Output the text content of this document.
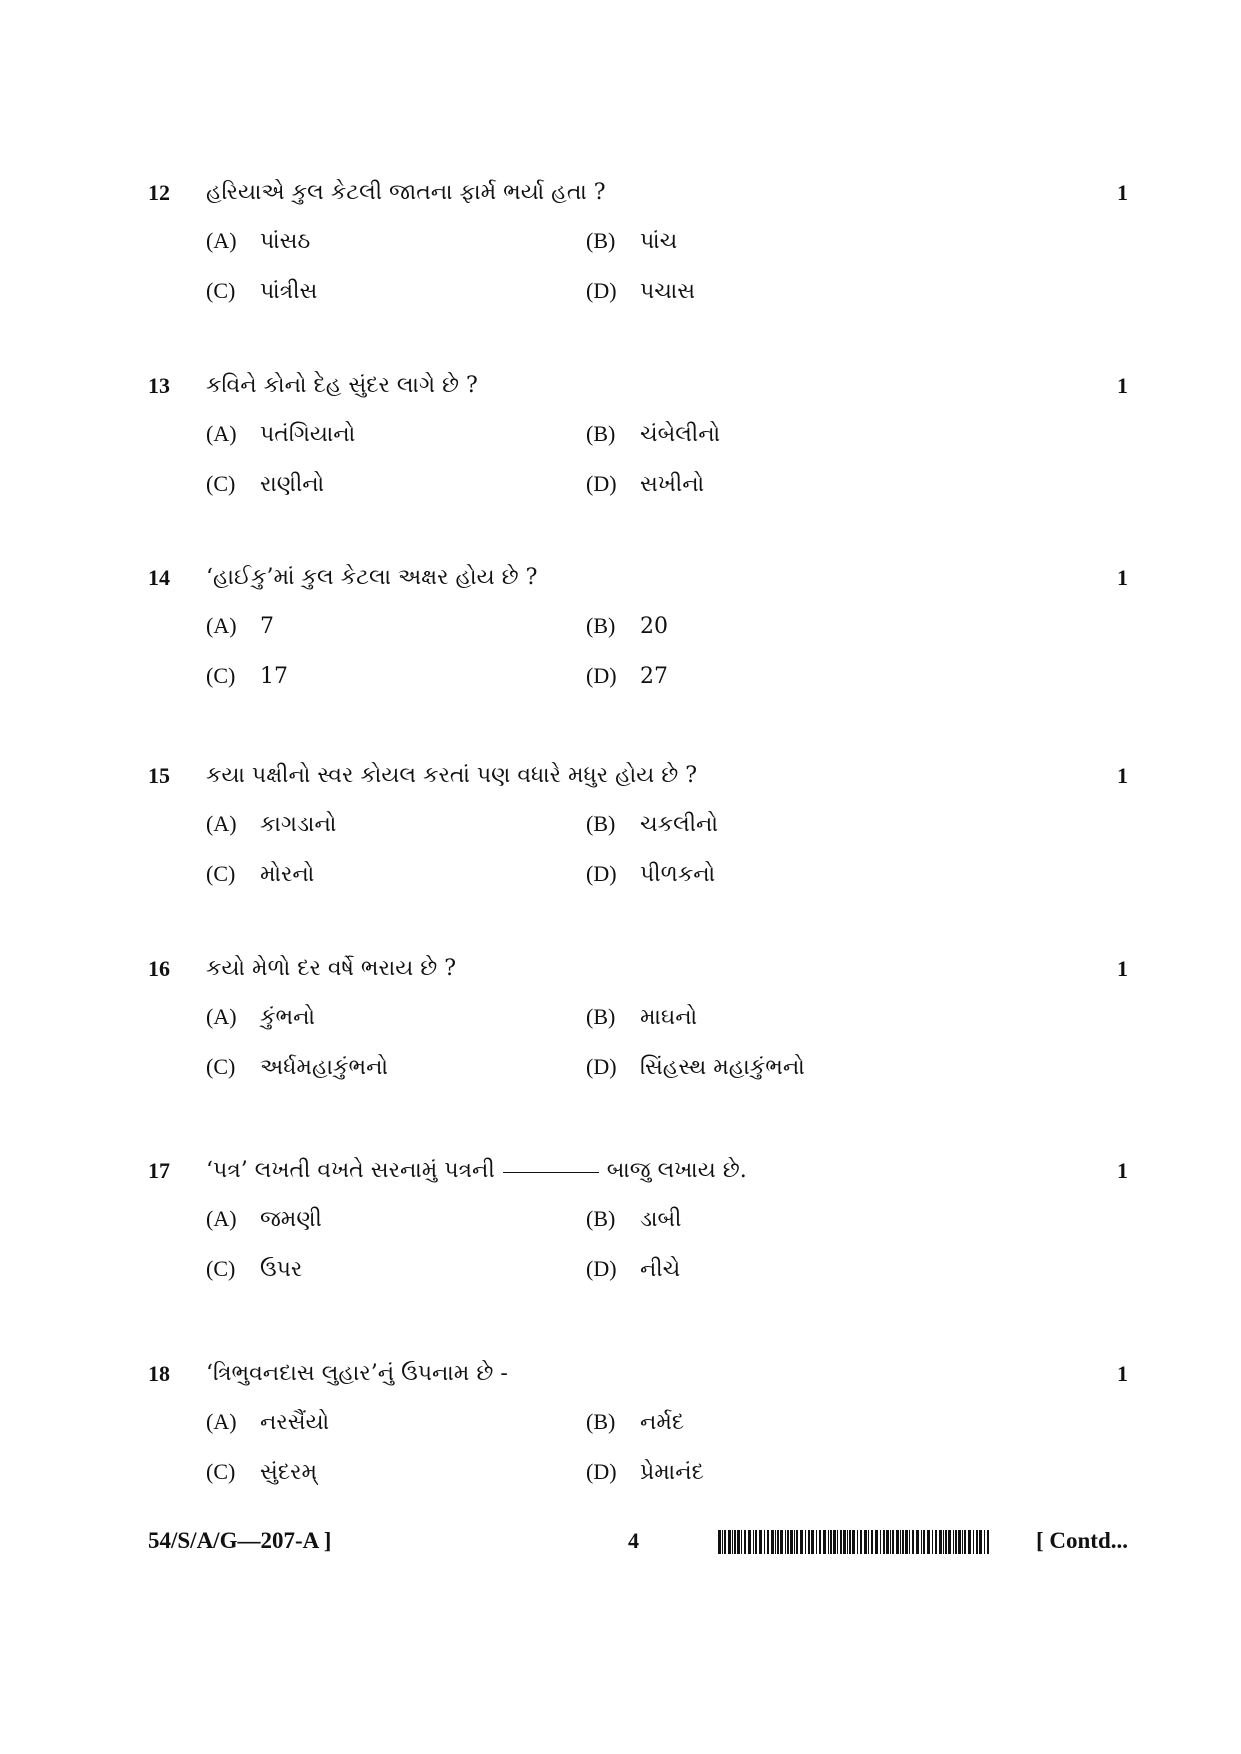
12 હરિયાએ કુલ કેટલી જાતના ફાર્મ ભર્યા હતા ?	1
(A) પાંસઠ	(B) પાંચ
(C) પાંત્રીસ	(D) પચાસ
13 કવિને કોનો દેહ સુંદર લાગે છે ?	1
(A) પતંગિયાનો	(B) ચંબેલીનો
(C) રાણીનો	(D) સખીનો
14 ‘હાઈકુ’માં કુલ કેટલા અક્ષર હોય છે ?	1
(A) 7	(B) 20
(C) 17	(D) 27
15 કયા પક્ષીનો સ્વર કોયલ કરતાં પણ વધારે મધુર હોય છે ?	1
(A) કાગડાનો	(B) ચકલીનો
(C) મોરનો	(D) પીળકનો
16 કયો મેળો દર વર્ષે ભરાય છે ?	1
(A) કુંભનો	(B) માઘનો
(C) અર્ધમહાકુંભનો	(D) સિંહસ્થ મહાકુંભનો
17 ‘પત્ર’ લખતી વખતે સરનામું પત્રની	બાજુ લખાય છે.	1
(A) જમણી	(B) ડાબી
(C) ઉપર	(D) નીચે
18 ‘ત્રિભુવનદાસ લુહાર’નું ઉપનામ છે -	1
(A) નરસૈંયો	(B) નર્મદ
(C) સુંદરમ્	(D) પ્રેમાનંદ
54/S/A/G—207-A ]	4	[ Contd...
